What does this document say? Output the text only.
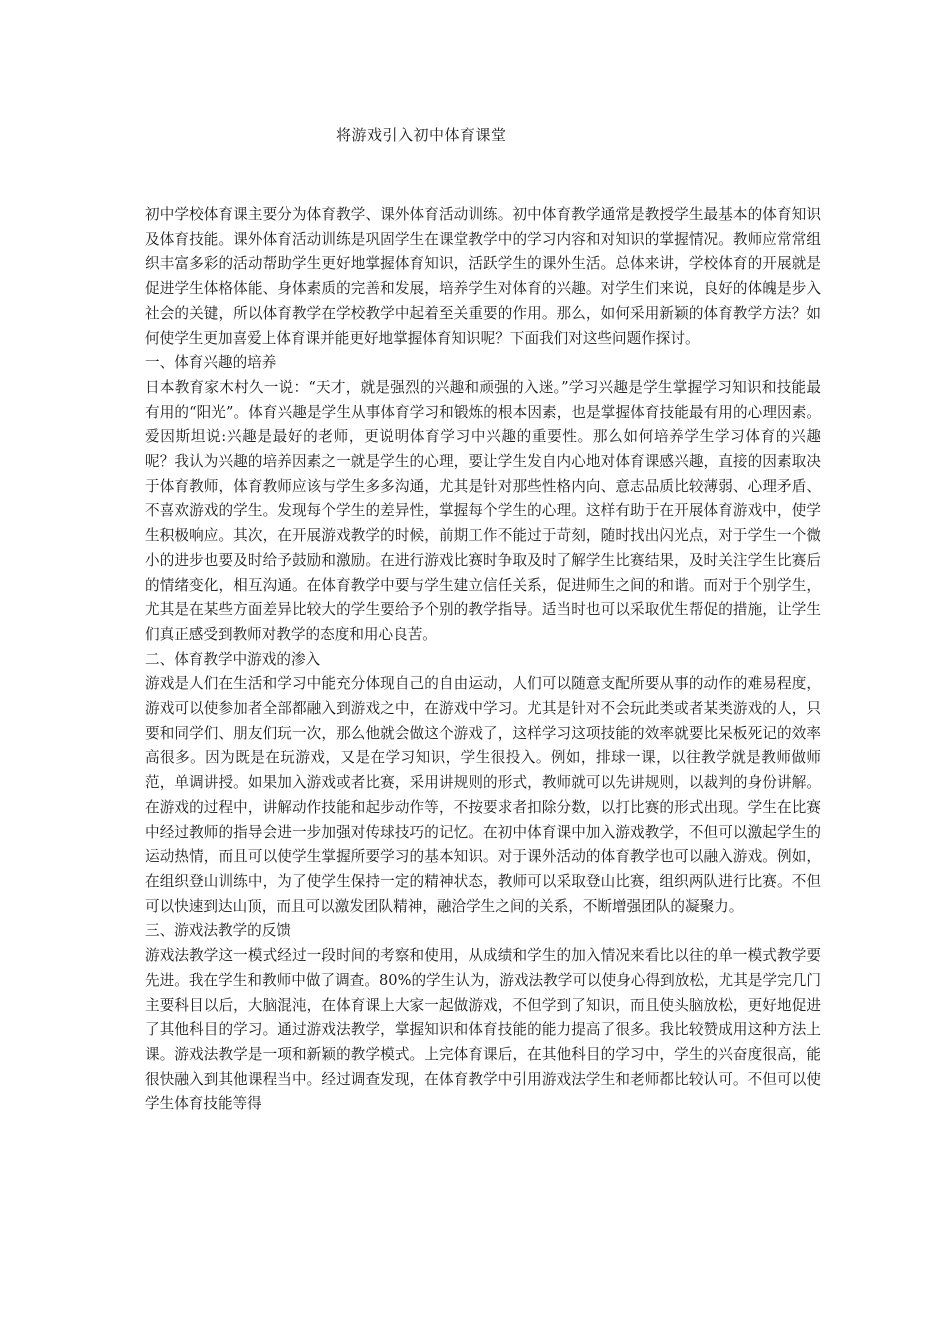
将游戏引入初中体育课堂

初中学校体育课主要分为体育教学、课外体育活动训练。初中体育教学通常是教授学生最基本的体育知识及体育技能。课外体育活动训练是巩固学生在课堂教学中的学习内容和对知识的掌握情况。教师应常常组织丰富多彩的活动帮助学生更好地掌握体育知识，活跃学生的课外生活。总体来讲，学校体育的开展就是促进学生体格体能、身体素质的完善和发展，培养学生对体育的兴趣。对学生们来说，良好的体魄是步入社会的关键，所以体育教学在学校教学中起着至关重要的作用。那么，如何采用新颖的体育教学方法？如何使学生更加喜爱上体育课并能更好地掌握体育知识呢？下面我们对这些问题作探讨。

一、体育兴趣的培养

日本教育家木村久一说：“天才，就是强烈的兴趣和顽强的入迷。”学习兴趣是学生掌握学习知识和技能最有用的“阳光”。体育兴趣是学生从事体育学习和锻炼的根本因素，也是掌握体育技能最有用的心理因素。爱因斯坦说:兴趣是最好的老师，更说明体育学习中兴趣的重要性。那么如何培养学生学习体育的兴趣呢？我认为兴趣的培养因素之一就是学生的心理，要让学生发自内心地对体育课感兴趣，直接的因素取决于体育教师，体育教师应该与学生多多沟通，尤其是针对那些性格内向、意志品质比较薄弱、心理矛盾、不喜欢游戏的学生。发现每个学生的差异性，掌握每个学生的心理。这样有助于在开展体育游戏中，使学生积极响应。其次，在开展游戏教学的时候，前期工作不能过于苛刻，随时找出闪光点，对于学生一个微小的进步也要及时给予鼓励和激励。在进行游戏比赛时争取及时了解学生比赛结果，及时关注学生比赛后的情绪变化，相互沟通。在体育教学中要与学生建立信任关系，促进师生之间的和谐。而对于个别学生，尤其是在某些方面差异比较大的学生要给予个别的教学指导。适当时也可以采取优生帮促的措施，让学生们真正感受到教师对教学的态度和用心良苦。

二、体育教学中游戏的渗入

游戏是人们在生活和学习中能充分体现自己的自由运动，人们可以随意支配所要从事的动作的难易程度，游戏可以使参加者全部都融入到游戏之中，在游戏中学习。尤其是针对不会玩此类或者某类游戏的人，只要和同学们、朋友们玩一次，那么他就会做这个游戏了，这样学习这项技能的效率就要比呆板死记的效率高很多。因为既是在玩游戏，又是在学习知识，学生很投入。例如，排球一课，以往教学就是教师做师范，单调讲授。如果加入游戏或者比赛，采用讲规则的形式，教师就可以先讲规则，以裁判的身份讲解。在游戏的过程中，讲解动作技能和起步动作等，不按要求者扣除分数，以打比赛的形式出现。学生在比赛中经过教师的指导会进一步加强对传球技巧的记忆。在初中体育课中加入游戏教学，不但可以激起学生的运动热情，而且可以使学生掌握所要学习的基本知识。对于课外活动的体育教学也可以融入游戏。例如，在组织登山训练中，为了使学生保持一定的精神状态，教师可以采取登山比赛，组织两队进行比赛。不但可以快速到达山顶，而且可以激发团队精神，融洽学生之间的关系，不断增强团队的凝聚力。

三、游戏法教学的反馈

游戏法教学这一模式经过一段时间的考察和使用，从成绩和学生的加入情况来看比以往的单一模式教学要先进。我在学生和教师中做了调查。80%的学生认为，游戏法教学可以使身心得到放松，尤其是学完几门主要科目以后，大脑混沌，在体育课上大家一起做游戏，不但学到了知识，而且使头脑放松，更好地促进了其他科目的学习。通过游戏法教学，掌握知识和体育技能的能力提高了很多。我比较赞成用这种方法上课。游戏法教学是一项和新颖的教学模式。上完体育课后，在其他科目的学习中，学生的兴奋度很高，能很快融入到其他课程当中。经过调查发现，在体育教学中引用游戏法学生和老师都比较认可。不但可以使学生体育技能等得
